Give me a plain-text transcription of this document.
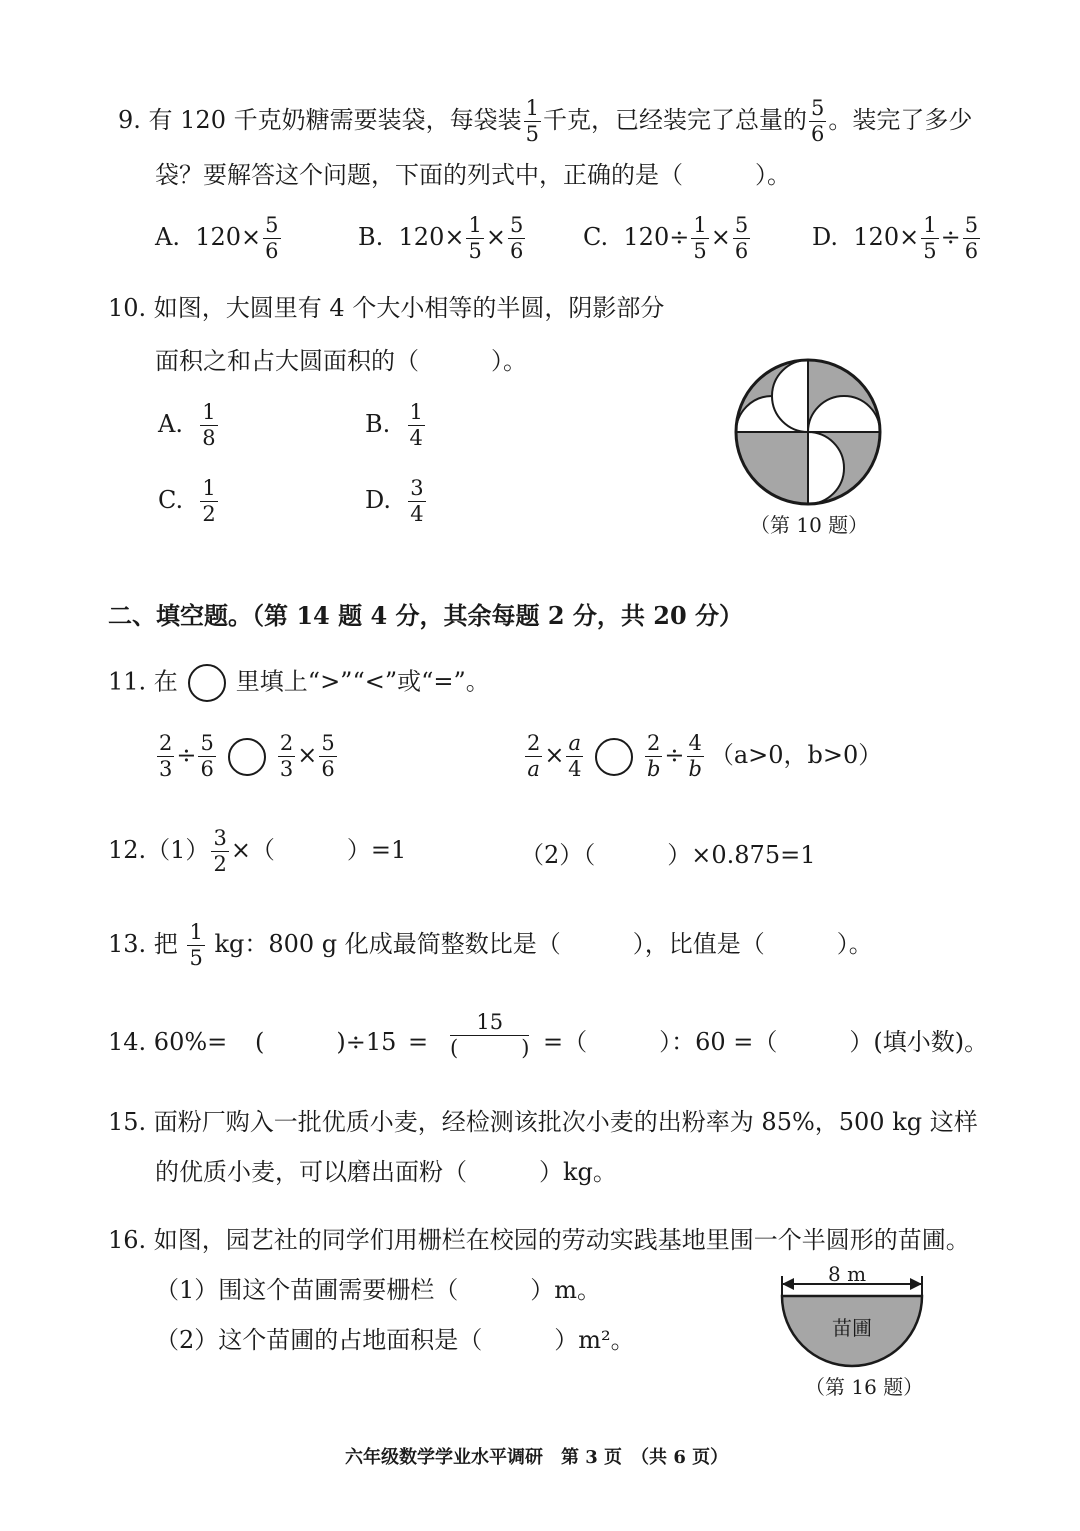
9. 有 120 千克奶糖需要装袋，每袋装 $\frac{1}{5}$ 千克，已经装完了总量的 $\frac{5}{6}$ 。装完了多少
袋？要解答这个问题，下面的列式中，正确的是（　　　）。
A. $120\times \frac{5}{6}$	B. $120\times \frac{1}{5} \times \frac{5}{6} C$. $120\div \frac{1}{5} \times \frac{5}{6}$	D. $120\times \frac{1}{5} \div \frac{5}{6}$
10. 如图，大圆里有 4 个大小相等的半圆，阴影部分
面积之和占大圆面积的（　　　）。
A. $\frac{1}{8}$	B. $\frac{1}{4}$
C. $\frac{1}{2}$	D. $\frac{3}{4}$	（第 10 题）
二、填空题。（第 14 题 4 分，其余每题 2 分，共 20 分）
11. 在 里填上“>”“<”或“=”。
$\frac{2}{3} \div \frac{5}{6}$	$\frac{2}{3} \times \frac{5}{6}$	$\frac{2}{a} \times \frac{a}{4}$	$\frac{2}{b} \div \frac{4}{b} (a>0$，b>0）
$12.(1) \frac{3}{2}$ ×（　　　）=1	（2）（　　　）×0.875=1
13. 把 $\frac{1}{5}$ kg：800 g 化成最简整数比是（　　　），比值是（　　　）。
14. 60%= (　　　)$\div 15 = \frac{15}{( )}$ =（　　　）：60 =（　　　）(填小数)。
15. 面粉厂购入一批优质小麦，经检测该批次小麦的出粉率为 85%，500 kg 这样
的优质小麦，可以磨出面粉（　　　）kg。
16. 如图，园艺社的同学们用栅栏在校园的劳动实践基地里围一个半圆形的苗圃。
（1）围这个苗圃需要栅栏（　　　）m。
（2）这个苗圃的占地面积是（　　　）m²。
8 m
苗圃
（第 16 题）
六年级数学学业水平调研　第 3 页　（共 6 页）
